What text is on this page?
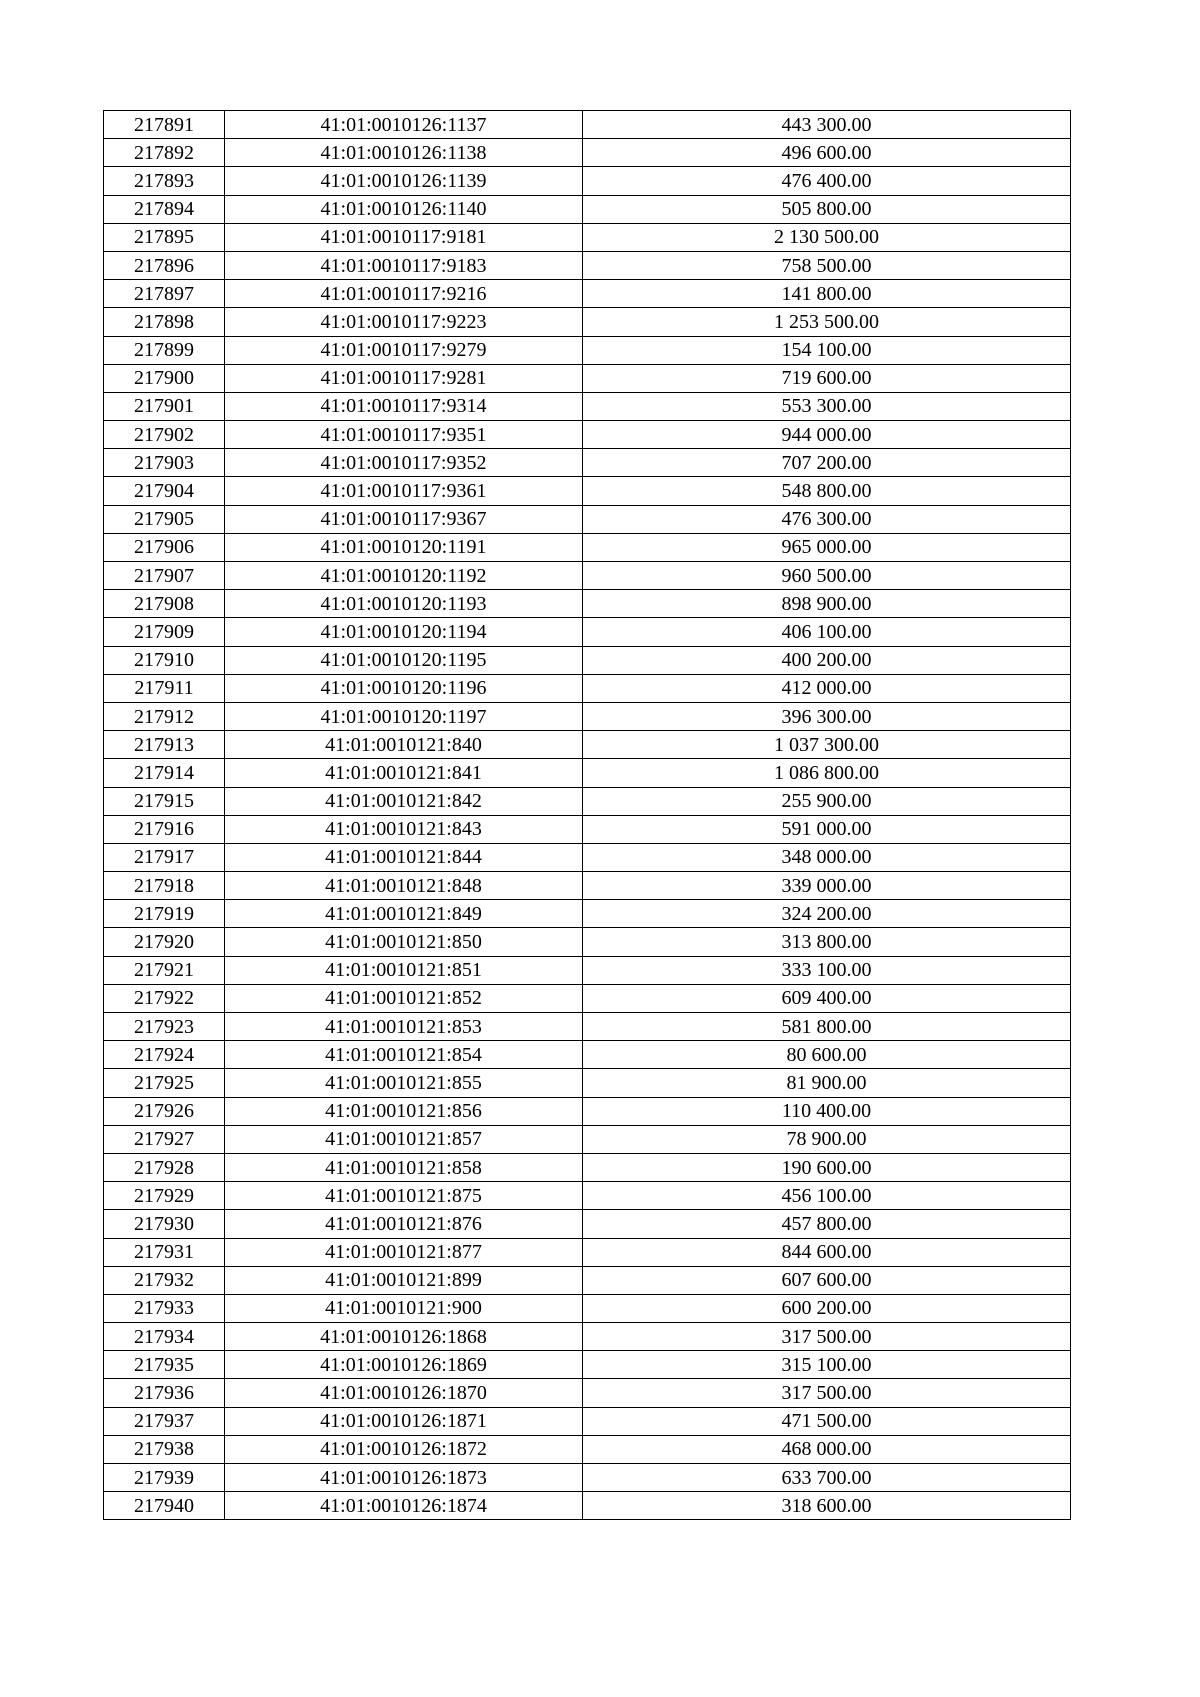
217891	41:01:0010126:1137	443 300.00
217892	41:01:0010126:1138	496 600.00
217893	41:01:0010126:1139	476 400.00
217894	41:01:0010126:1140	505 800.00
217895	41:01:0010117:9181	2 130 500.00
217896	41:01:0010117:9183	758 500.00
217897	41:01:0010117:9216	141 800.00
217898	41:01:0010117:9223	1 253 500.00
217899	41:01:0010117:9279	154 100.00
217900	41:01:0010117:9281	719 600.00
217901	41:01:0010117:9314	553 300.00
217902	41:01:0010117:9351	944 000.00
217903	41:01:0010117:9352	707 200.00
217904	41:01:0010117:9361	548 800.00
217905	41:01:0010117:9367	476 300.00
217906	41:01:0010120:1191	965 000.00
217907	41:01:0010120:1192	960 500.00
217908	41:01:0010120:1193	898 900.00
217909	41:01:0010120:1194	406 100.00
217910	41:01:0010120:1195	400 200.00
217911	41:01:0010120:1196	412 000.00
217912	41:01:0010120:1197	396 300.00
217913	41:01:0010121:840	1 037 300.00
217914	41:01:0010121:841	1 086 800.00
217915	41:01:0010121:842	255 900.00
217916	41:01:0010121:843	591 000.00
217917	41:01:0010121:844	348 000.00
217918	41:01:0010121:848	339 000.00
217919	41:01:0010121:849	324 200.00
217920	41:01:0010121:850	313 800.00
217921	41:01:0010121:851	333 100.00
217922	41:01:0010121:852	609 400.00
217923	41:01:0010121:853	581 800.00
217924	41:01:0010121:854	80 600.00
217925	41:01:0010121:855	81 900.00
217926	41:01:0010121:856	110 400.00
217927	41:01:0010121:857	78 900.00
217928	41:01:0010121:858	190 600.00
217929	41:01:0010121:875	456 100.00
217930	41:01:0010121:876	457 800.00
217931	41:01:0010121:877	844 600.00
217932	41:01:0010121:899	607 600.00
217933	41:01:0010121:900	600 200.00
217934	41:01:0010126:1868	317 500.00
217935	41:01:0010126:1869	315 100.00
217936	41:01:0010126:1870	317 500.00
217937	41:01:0010126:1871	471 500.00
217938	41:01:0010126:1872	468 000.00
217939	41:01:0010126:1873	633 700.00
217940	41:01:0010126:1874	318 600.00
